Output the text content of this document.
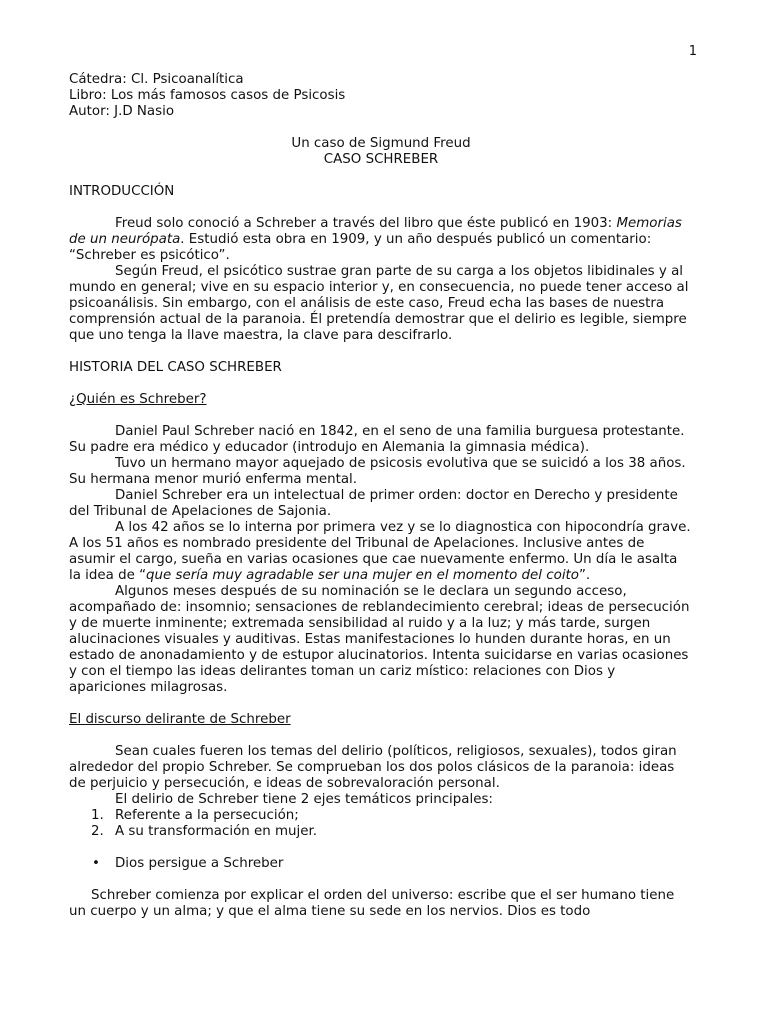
1
Cátedra: Cl. Psicoanalítica
Libro: Los más famosos casos de Psicosis
Autor: J.D Nasio
Un caso de Sigmund Freud
CASO SCHREBER
INTRODUCCIÓN
Freud solo conoció a Schreber a través del libro que éste publicó en 1903: Memorias de un neurópata. Estudió esta obra en 1909, y un año después publicó un comentario: “Schreber es psicótico”.
Según Freud, el psicótico sustrae gran parte de su carga a los objetos libidinales y al mundo en general; vive en su espacio interior y, en consecuencia, no puede tener acceso al psicoanálisis. Sin embargo, con el análisis de este caso, Freud echa las bases de nuestra comprensión actual de la paranoia. Él pretendía demostrar que el delirio es legible, siempre que uno tenga la llave maestra, la clave para descifrarlo.
HISTORIA DEL CASO SCHREBER
¿Quién es Schreber?
Daniel Paul Schreber nació en 1842, en el seno de una familia burguesa protestante. Su padre era médico y educador (introdujo en Alemania la gimnasia médica).
Tuvo un hermano mayor aquejado de psicosis evolutiva que se suicidó a los 38 años. Su hermana menor murió enferma mental.
Daniel Schreber era un intelectual de primer orden: doctor en Derecho y presidente del Tribunal de Apelaciones de Sajonia.
A los 42 años se lo interna por primera vez y se lo diagnostica con hipocondría grave. A los 51 años es nombrado presidente del Tribunal de Apelaciones. Inclusive antes de asumir el cargo, sueña en varias ocasiones que cae nuevamente enfermo. Un día le asalta la idea de “que sería muy agradable ser una mujer en el momento del coito”.
Algunos meses después de su nominación se le declara un segundo acceso, acompañado de: insomnio; sensaciones de reblandecimiento cerebral; ideas de persecución y de muerte inminente; extremada sensibilidad al ruido y a la luz; y más tarde, surgen alucinaciones visuales y auditivas. Estas manifestaciones lo hunden durante horas, en un estado de anonadamiento y de estupor alucinatorios. Intenta suicidarse en varias ocasiones y con el tiempo las ideas delirantes toman un cariz místico: relaciones con Dios y apariciones milagrosas.
El discurso delirante de Schreber
Sean cuales fueren los temas del delirio (políticos, religiosos, sexuales), todos giran alrededor del propio Schreber. Se comprueban los dos polos clásicos de la paranoia: ideas de perjuicio y persecución, e ideas de sobrevaloración personal.
El delirio de Schreber tiene 2 ejes temáticos principales:
1. Referente a la persecución;
2. A su transformación en mujer.
• Dios persigue a Schreber
Schreber comienza por explicar el orden del universo: escribe que el ser humano tiene un cuerpo y un alma; y que el alma tiene su sede en los nervios. Dios es todo
